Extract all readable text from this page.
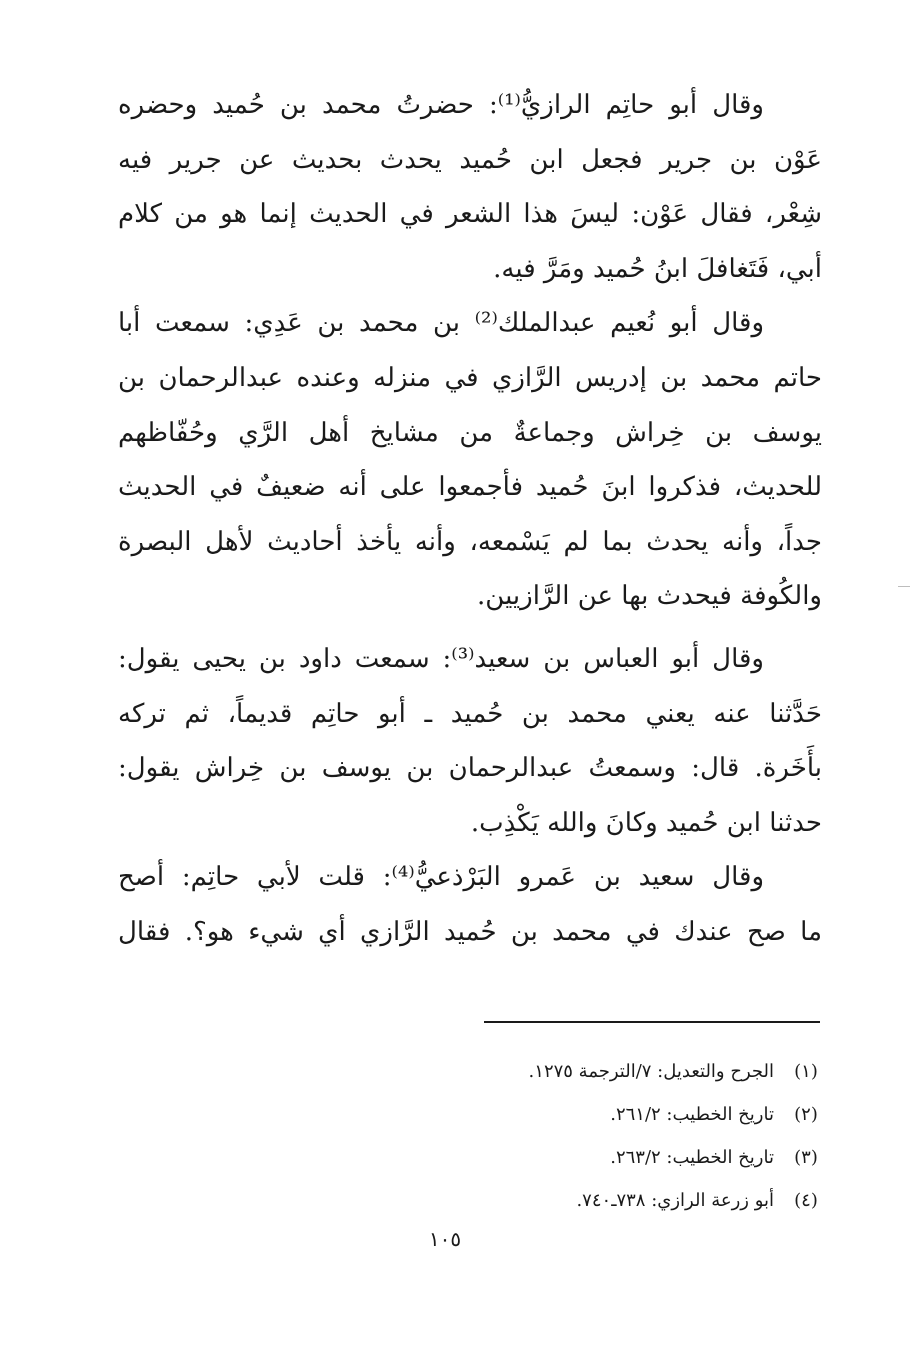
وقال أبو حاتِم الرازيُّ⁽¹⁾: حضرتُ محمد بن حُميد وحضره
عَوْن بن جرير فجعل ابن حُميد يحدث بحديث عن جرير فيه
شِعْر، فقال عَوْن: ليسَ هذا الشعر في الحديث إنما هو من كلام
أبي، فَتَغافلَ ابنُ حُميد ومَرَّ فيه.
وقال أبو نُعيم عبدالملك⁽²⁾ بن محمد بن عَدِي: سمعت أبا
حاتم محمد بن إدريس الرَّازي في منزله وعنده عبدالرحمان بن
يوسف بن خِراش وجماعةٌ من مشايخ أهل الرَّي وحُفّاظهم
للحديث، فذكروا ابنَ حُميد فأجمعوا على أنه ضعيفٌ في الحديث
جداً، وأنه يحدث بما لم يَسْمعه، وأنه يأخذ أحاديث لأهل البصرة
والكُوفة فيحدث بها عن الرَّازيين.
وقال أبو العباس بن سعيد⁽³⁾: سمعت داود بن يحيى يقول:
حَدَّثنا عنه يعني محمد بن حُميد ـ أبو حاتِم قديماً، ثم تركه
بأَخَرة. قال: وسمعتُ عبدالرحمان بن يوسف بن خِراش يقول:
حدثنا ابن حُميد وكانَ والله يَكْذِب.
وقال سعيد بن عَمرو البَرْذعيُّ⁽⁴⁾: قلت لأبي حاتِم: أصح
ما صح عندك في محمد بن حُميد الرَّازي أي شيء هو؟. فقال
(١)الجرح والتعديل: ٧/الترجمة ١٢٧٥.
(٢)تاريخ الخطيب: ٢٦١/٢.
(٣)تاريخ الخطيب: ٢٦٣/٢.
(٤)أبو زرعة الرازي: ٧٣٨ـ٧٤٠.
١٠٥
